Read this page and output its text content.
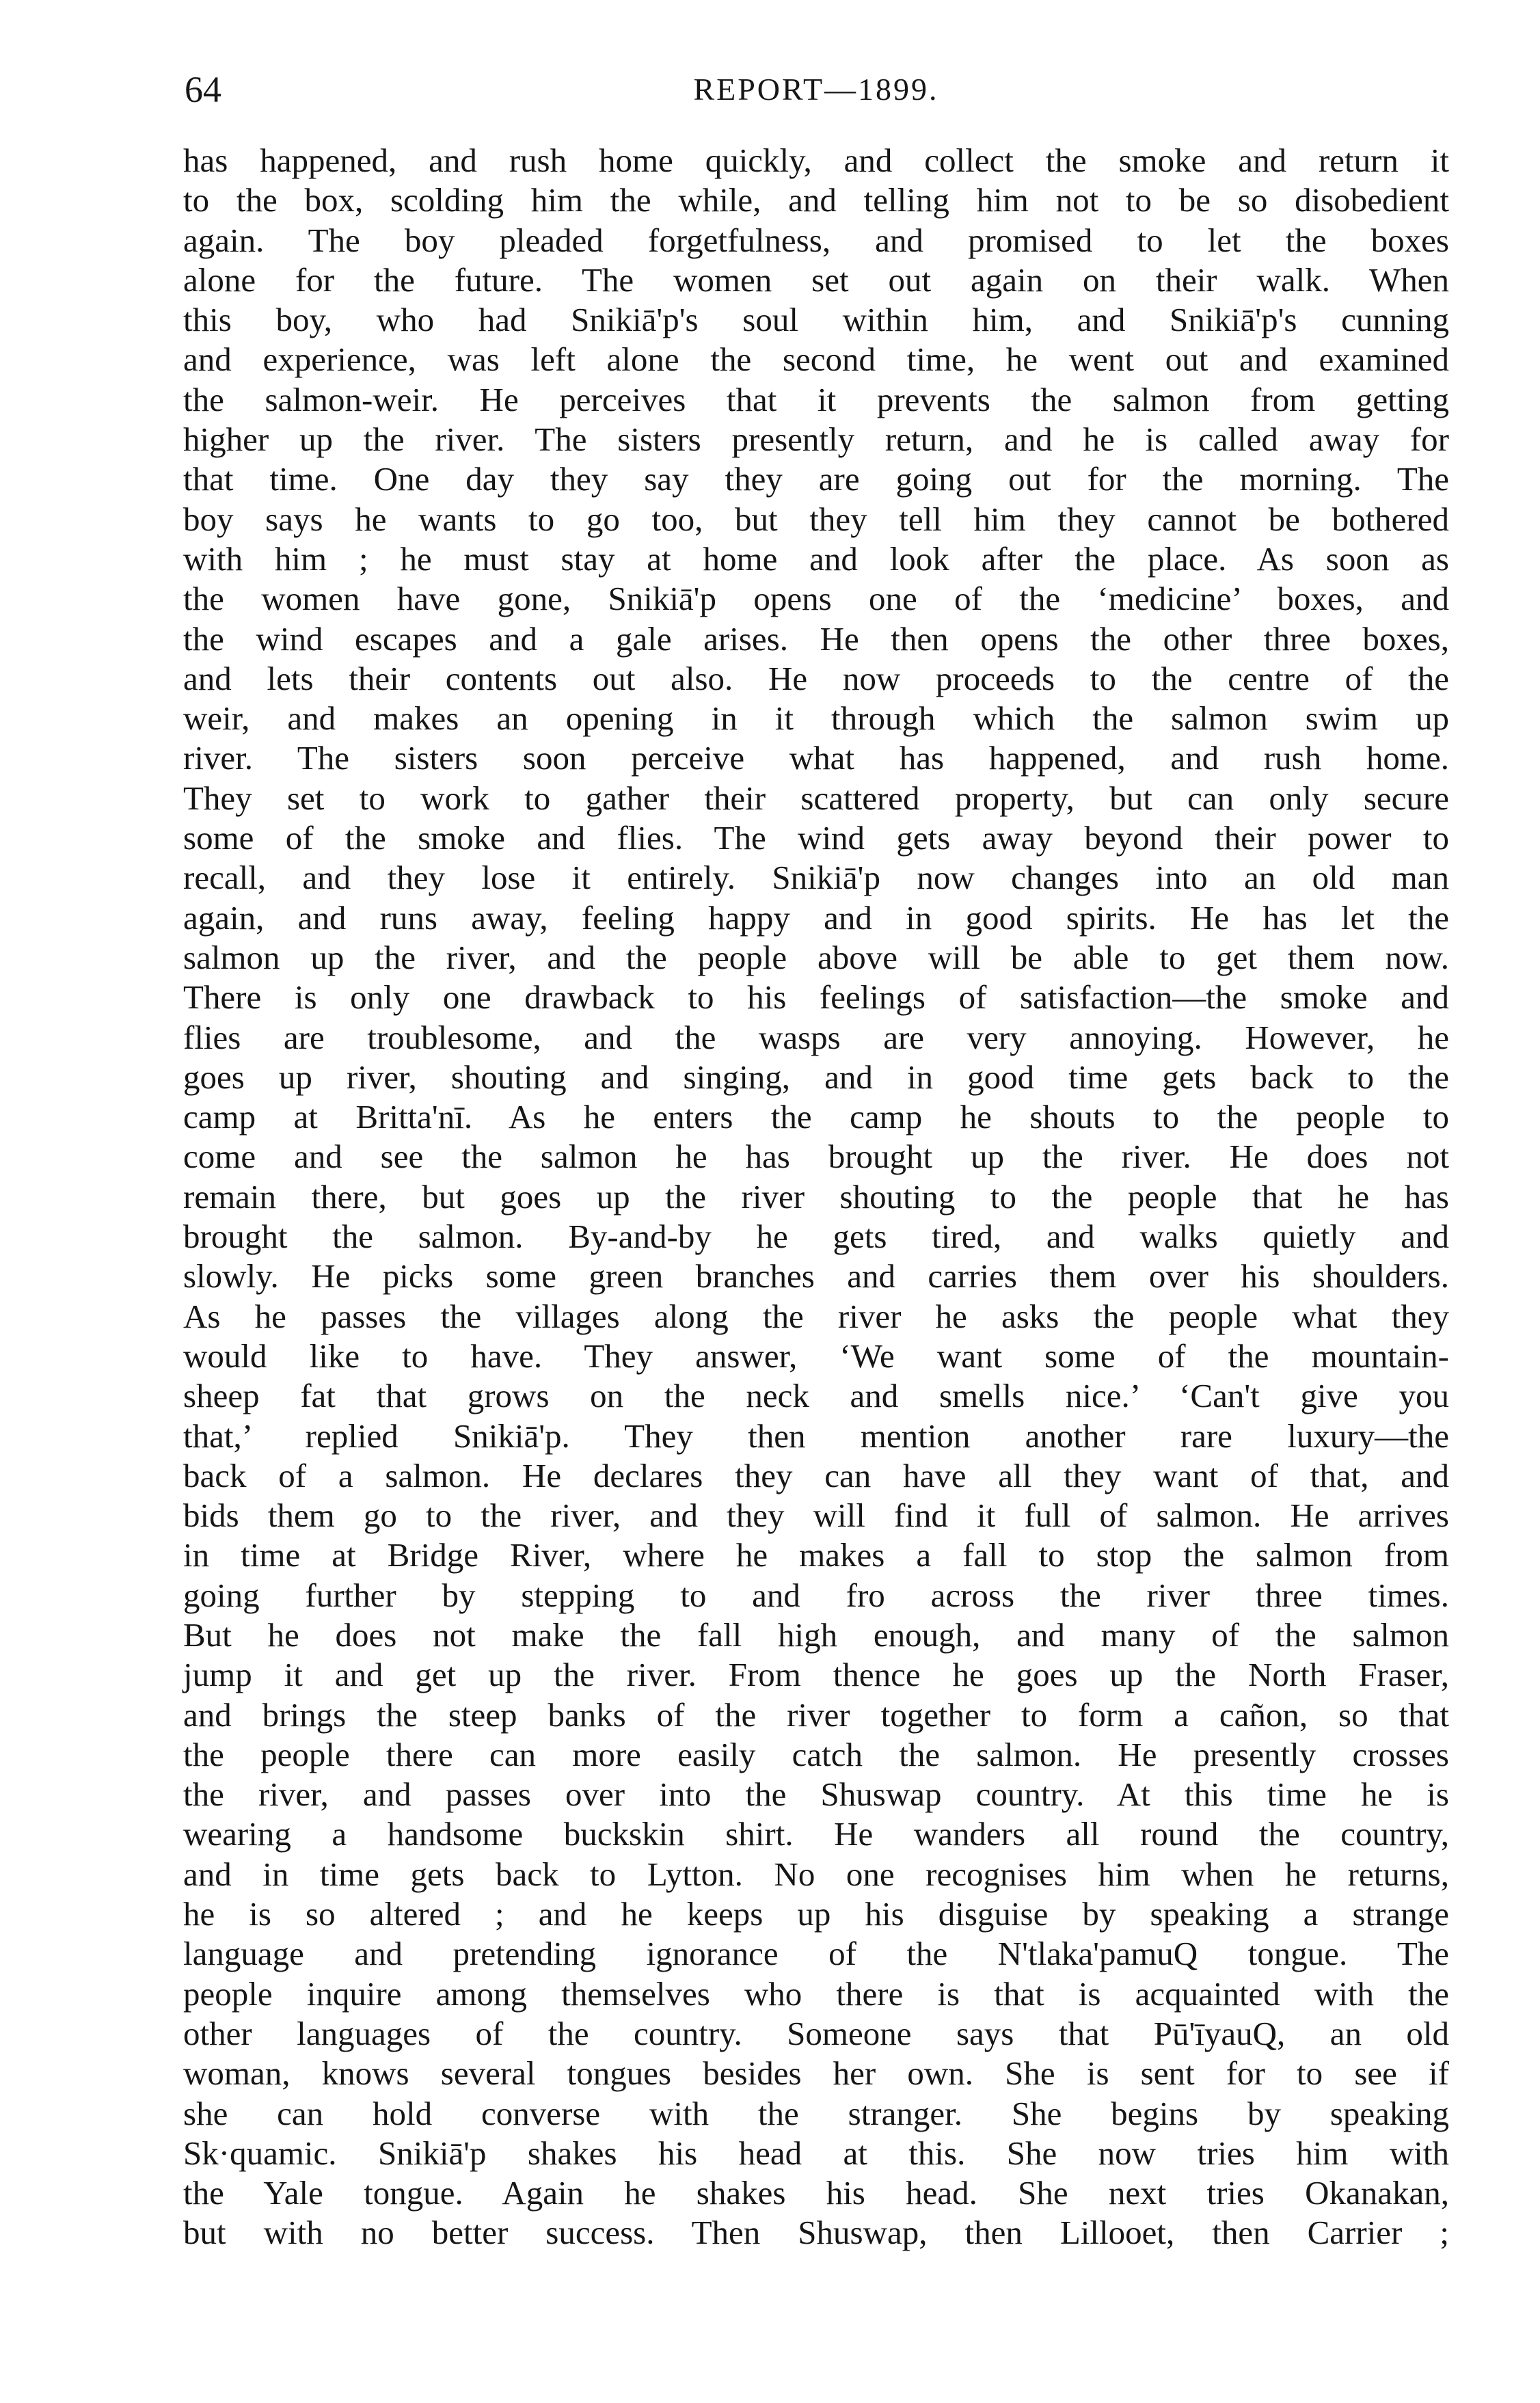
64	REPORT—1899.

has happened, and rush home quickly, and collect the smoke and return it
to the box, scolding him the while, and telling him not to be so disobedient
again. The boy pleaded forgetfulness, and promised to let the boxes
alone for the future. The women set out again on their walk. When
this boy, who had Snikiā'p's soul within him, and Snikiā'p's cunning
and experience, was left alone the second time, he went out and examined
the salmon-weir. He perceives that it prevents the salmon from getting
higher up the river. The sisters presently return, and he is called away for
that time. One day they say they are going out for the morning. The
boy says he wants to go too, but they tell him they cannot be bothered
with him ; he must stay at home and look after the place. As soon as
the women have gone, Snikiā'p opens one of the ‘medicine’ boxes, and
the wind escapes and a gale arises. He then opens the other three boxes,
and lets their contents out also. He now proceeds to the centre of the
weir, and makes an opening in it through which the salmon swim up
river. The sisters soon perceive what has happened, and rush home.
They set to work to gather their scattered property, but can only secure
some of the smoke and flies. The wind gets away beyond their power to
recall, and they lose it entirely. Snikiā'p now changes into an old man
again, and runs away, feeling happy and in good spirits. He has let the
salmon up the river, and the people above will be able to get them now.
There is only one drawback to his feelings of satisfaction—the smoke and
flies are troublesome, and the wasps are very annoying. However, he
goes up river, shouting and singing, and in good time gets back to the
camp at Britta'nī. As he enters the camp he shouts to the people to
come and see the salmon he has brought up the river. He does not
remain there, but goes up the river shouting to the people that he has
brought the salmon. By-and-by he gets tired, and walks quietly and
slowly. He picks some green branches and carries them over his shoulders.
As he passes the villages along the river he asks the people what they
would like to have. They answer, ‘We want some of the mountain-
sheep fat that grows on the neck and smells nice.’ ‘Can't give you
that,’ replied Snikiā'p. They then mention another rare luxury—the
back of a salmon. He declares they can have all they want of that, and
bids them go to the river, and they will find it full of salmon. He arrives
in time at Bridge River, where he makes a fall to stop the salmon from
going further by stepping to and fro across the river three times.
But he does not make the fall high enough, and many of the salmon
jump it and get up the river. From thence he goes up the North Fraser,
and brings the steep banks of the river together to form a cañon, so that
the people there can more easily catch the salmon. He presently crosses
the river, and passes over into the Shuswap country. At this time he is
wearing a handsome buckskin shirt. He wanders all round the country,
and in time gets back to Lytton. No one recognises him when he returns,
he is so altered ; and he keeps up his disguise by speaking a strange
language and pretending ignorance of the N'tlaka'pamuQ tongue. The
people inquire among themselves who there is that is acquainted with the
other languages of the country. Someone says that Pū'īyauQ, an old
woman, knows several tongues besides her own. She is sent for to see if
she can hold converse with the stranger. She begins by speaking
Sk·quamic. Snikiā'p shakes his head at this. She now tries him with
the Yale tongue. Again he shakes his head. She next tries Okanakan,
but with no better success. Then Shuswap, then Lillooet, then Carrier ;
